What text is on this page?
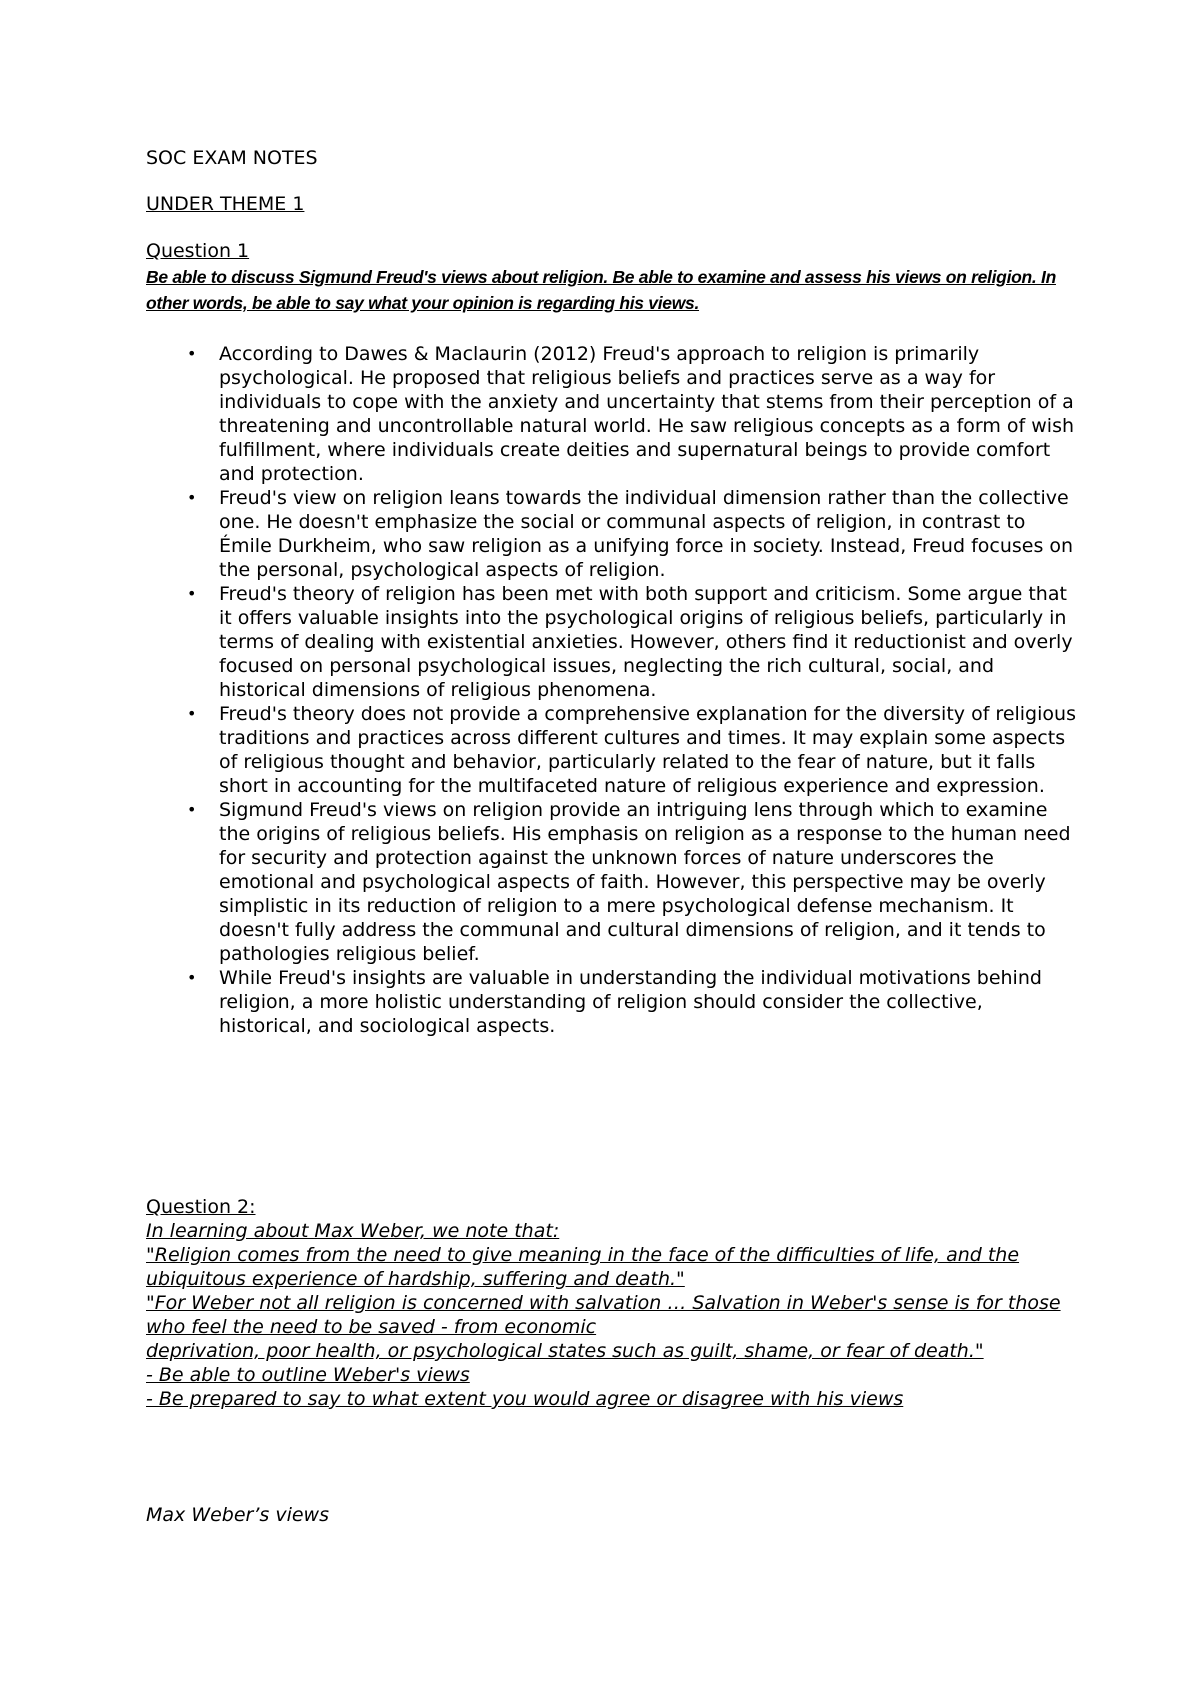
SOC EXAM NOTES
UNDER THEME 1
Question 1

Be able to discuss Sigmund Freud's views about religion. Be able to examine and assess his views on religion. In other words, be able to say what your opinion is regarding his views.

• According to Dawes & Maclaurin (2012) Freud's approach to religion is primarily psychological. He proposed that religious beliefs and practices serve as a way for individuals to cope with the anxiety and uncertainty that stems from their perception of a threatening and uncontrollable natural world. He saw religious concepts as a form of wish fulfillment, where individuals create deities and supernatural beings to provide comfort and protection.
• Freud's view on religion leans towards the individual dimension rather than the collective one. He doesn't emphasize the social or communal aspects of religion, in contrast to Émile Durkheim, who saw religion as a unifying force in society. Instead, Freud focuses on the personal, psychological aspects of religion.
• Freud's theory of religion has been met with both support and criticism. Some argue that it offers valuable insights into the psychological origins of religious beliefs, particularly in terms of dealing with existential anxieties. However, others find it reductionist and overly focused on personal psychological issues, neglecting the rich cultural, social, and historical dimensions of religious phenomena.
• Freud's theory does not provide a comprehensive explanation for the diversity of religious traditions and practices across different cultures and times. It may explain some aspects of religious thought and behavior, particularly related to the fear of nature, but it falls short in accounting for the multifaceted nature of religious experience and expression.
• Sigmund Freud's views on religion provide an intriguing lens through which to examine the origins of religious beliefs. His emphasis on religion as a response to the human need for security and protection against the unknown forces of nature underscores the emotional and psychological aspects of faith. However, this perspective may be overly simplistic in its reduction of religion to a mere psychological defense mechanism. It doesn't fully address the communal and cultural dimensions of religion, and it tends to pathologies religious belief.
• While Freud's insights are valuable in understanding the individual motivations behind religion, a more holistic understanding of religion should consider the collective, historical, and sociological aspects.
Question 2:

In learning about Max Weber, we note that:

"Religion comes from the need to give meaning in the face of the difficulties of life, and the ubiquitous experience of hardship, suffering and death."

"For Weber not all religion is concerned with salvation … Salvation in Weber's sense is for those who feel the need to be saved - from economic

deprivation, poor health, or psychological states such as guilt, shame, or fear of death."

- Be able to outline Weber's views

- Be prepared to say to what extent you would agree or disagree with his views

Max Weber’s views
